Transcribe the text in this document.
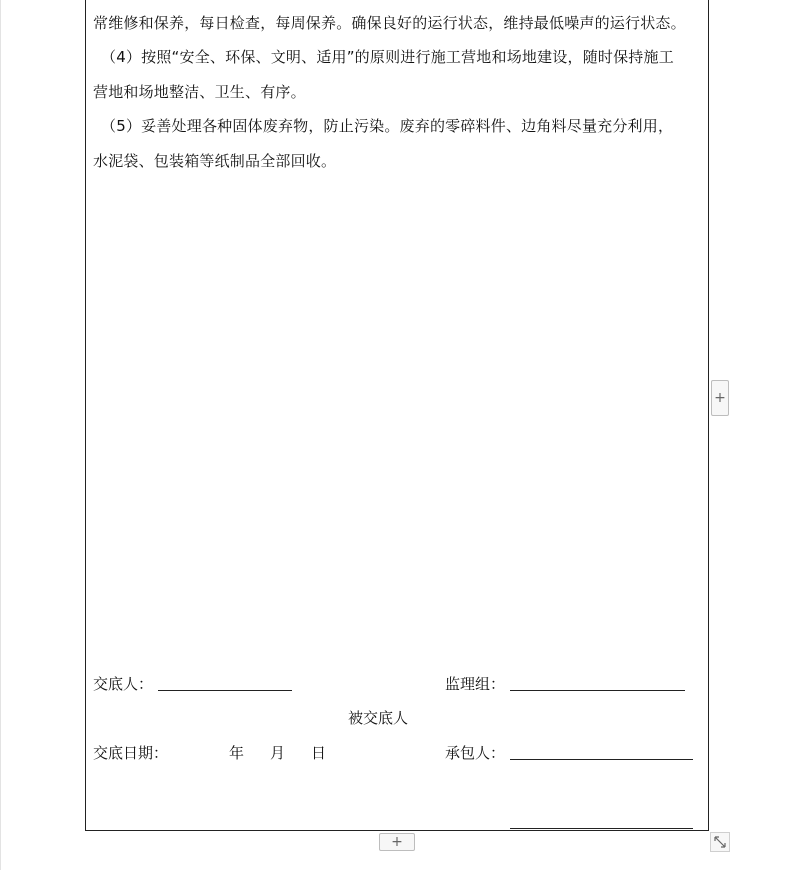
常维修和保养，每日检查，每周保养。确保良好的运行状态，维持最低噪声的运行状态。
（4）按照“安全、环保、文明、适用”的原则进行施工营地和场地建设，随时保持施工
营地和场地整洁、卫生、有序。
（5）妥善处理各种固体废弃物，防止污染。废弃的零碎料件、边角料尽量充分利用，
水泥袋、包装箱等纸制品全部回收。
交底人：	监理组：
被交底人
交底日期：	年 月 日	承包人：
+
+
